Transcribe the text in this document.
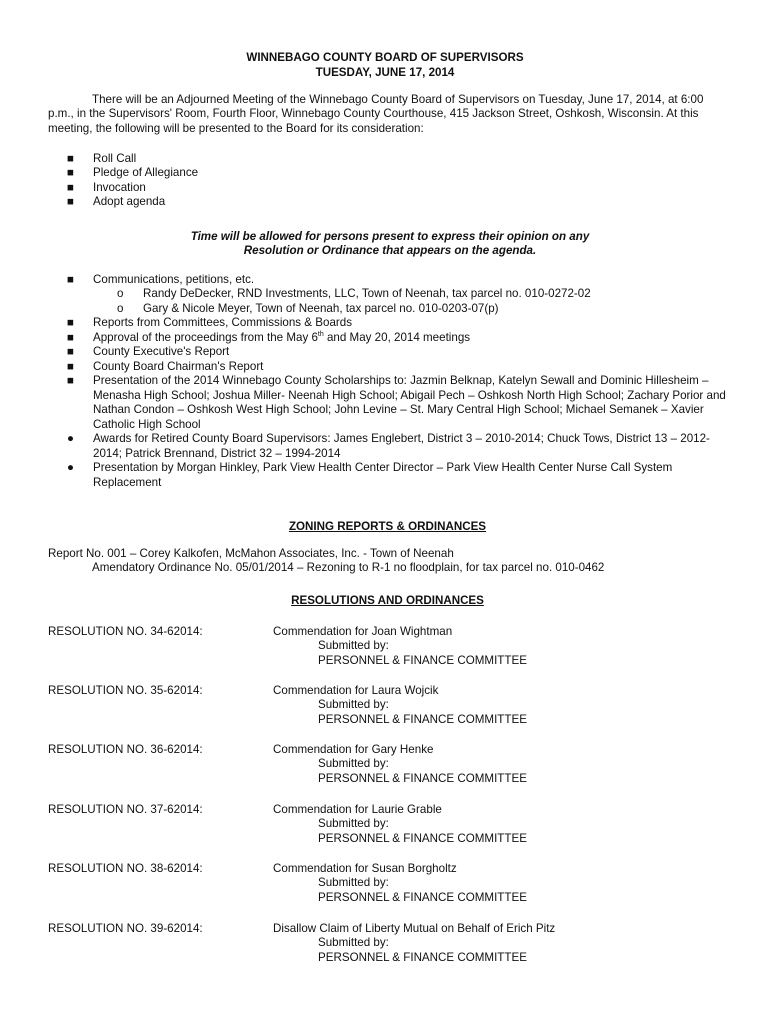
WINNEBAGO COUNTY BOARD OF SUPERVISORS
TUESDAY, JUNE 17, 2014
There will be an Adjourned Meeting of the Winnebago County Board of Supervisors on Tuesday, June 17, 2014, at 6:00 p.m., in the Supervisors' Room, Fourth Floor, Winnebago County Courthouse, 415 Jackson Street, Oshkosh, Wisconsin. At this meeting, the following will be presented to the Board for its consideration:
■ Roll Call
■ Pledge of Allegiance
■ Invocation
■ Adopt agenda
Time will be allowed for persons present to express their opinion on any
Resolution or Ordinance that appears on the agenda.
■ Communications, petitions, etc.
o Randy DeDecker, RND Investments, LLC, Town of Neenah, tax parcel no. 010-0272-02
o Gary & Nicole Meyer, Town of Neenah, tax parcel no. 010-0203-07(p)
■ Reports from Committees, Commissions & Boards
■ Approval of the proceedings from the May 6th and May 20, 2014 meetings
■ County Executive's Report
■ County Board Chairman's Report
■ Presentation of the 2014 Winnebago County Scholarships to: Jazmin Belknap, Katelyn Sewall and Dominic Hillesheim – Menasha High School; Joshua Miller- Neenah High School; Abigail Pech – Oshkosh North High School; Zachary Porior and Nathan Condon – Oshkosh West High School; John Levine – St. Mary Central High School; Michael Semanek – Xavier Catholic High School
● Awards for Retired County Board Supervisors: James Englebert, District 3 – 2010-2014; Chuck Tows, District 13 – 2012-2014; Patrick Brennand, District 32 – 1994-2014
● Presentation by Morgan Hinkley, Park View Health Center Director – Park View Health Center Nurse Call System Replacement
ZONING REPORTS & ORDINANCES
Report No. 001 – Corey Kalkofen, McMahon Associates, Inc. - Town of Neenah
Amendatory Ordinance No. 05/01/2014 – Rezoning to R-1 no floodplain, for tax parcel no. 010-0462
RESOLUTIONS AND ORDINANCES
RESOLUTION NO. 34-62014:	Commendation for Joan Wightman
Submitted by:
PERSONNEL & FINANCE COMMITTEE
RESOLUTION NO. 35-62014:	Commendation for Laura Wojcik
Submitted by:
PERSONNEL & FINANCE COMMITTEE
RESOLUTION NO. 36-62014:	Commendation for Gary Henke
Submitted by:
PERSONNEL & FINANCE COMMITTEE
RESOLUTION NO. 37-62014:	Commendation for Laurie Grable
Submitted by:
PERSONNEL & FINANCE COMMITTEE
RESOLUTION NO. 38-62014:	Commendation for Susan Borgholtz
Submitted by:
PERSONNEL & FINANCE COMMITTEE
RESOLUTION NO. 39-62014:	Disallow Claim of Liberty Mutual on Behalf of Erich Pitz
Submitted by:
PERSONNEL & FINANCE COMMITTEE
